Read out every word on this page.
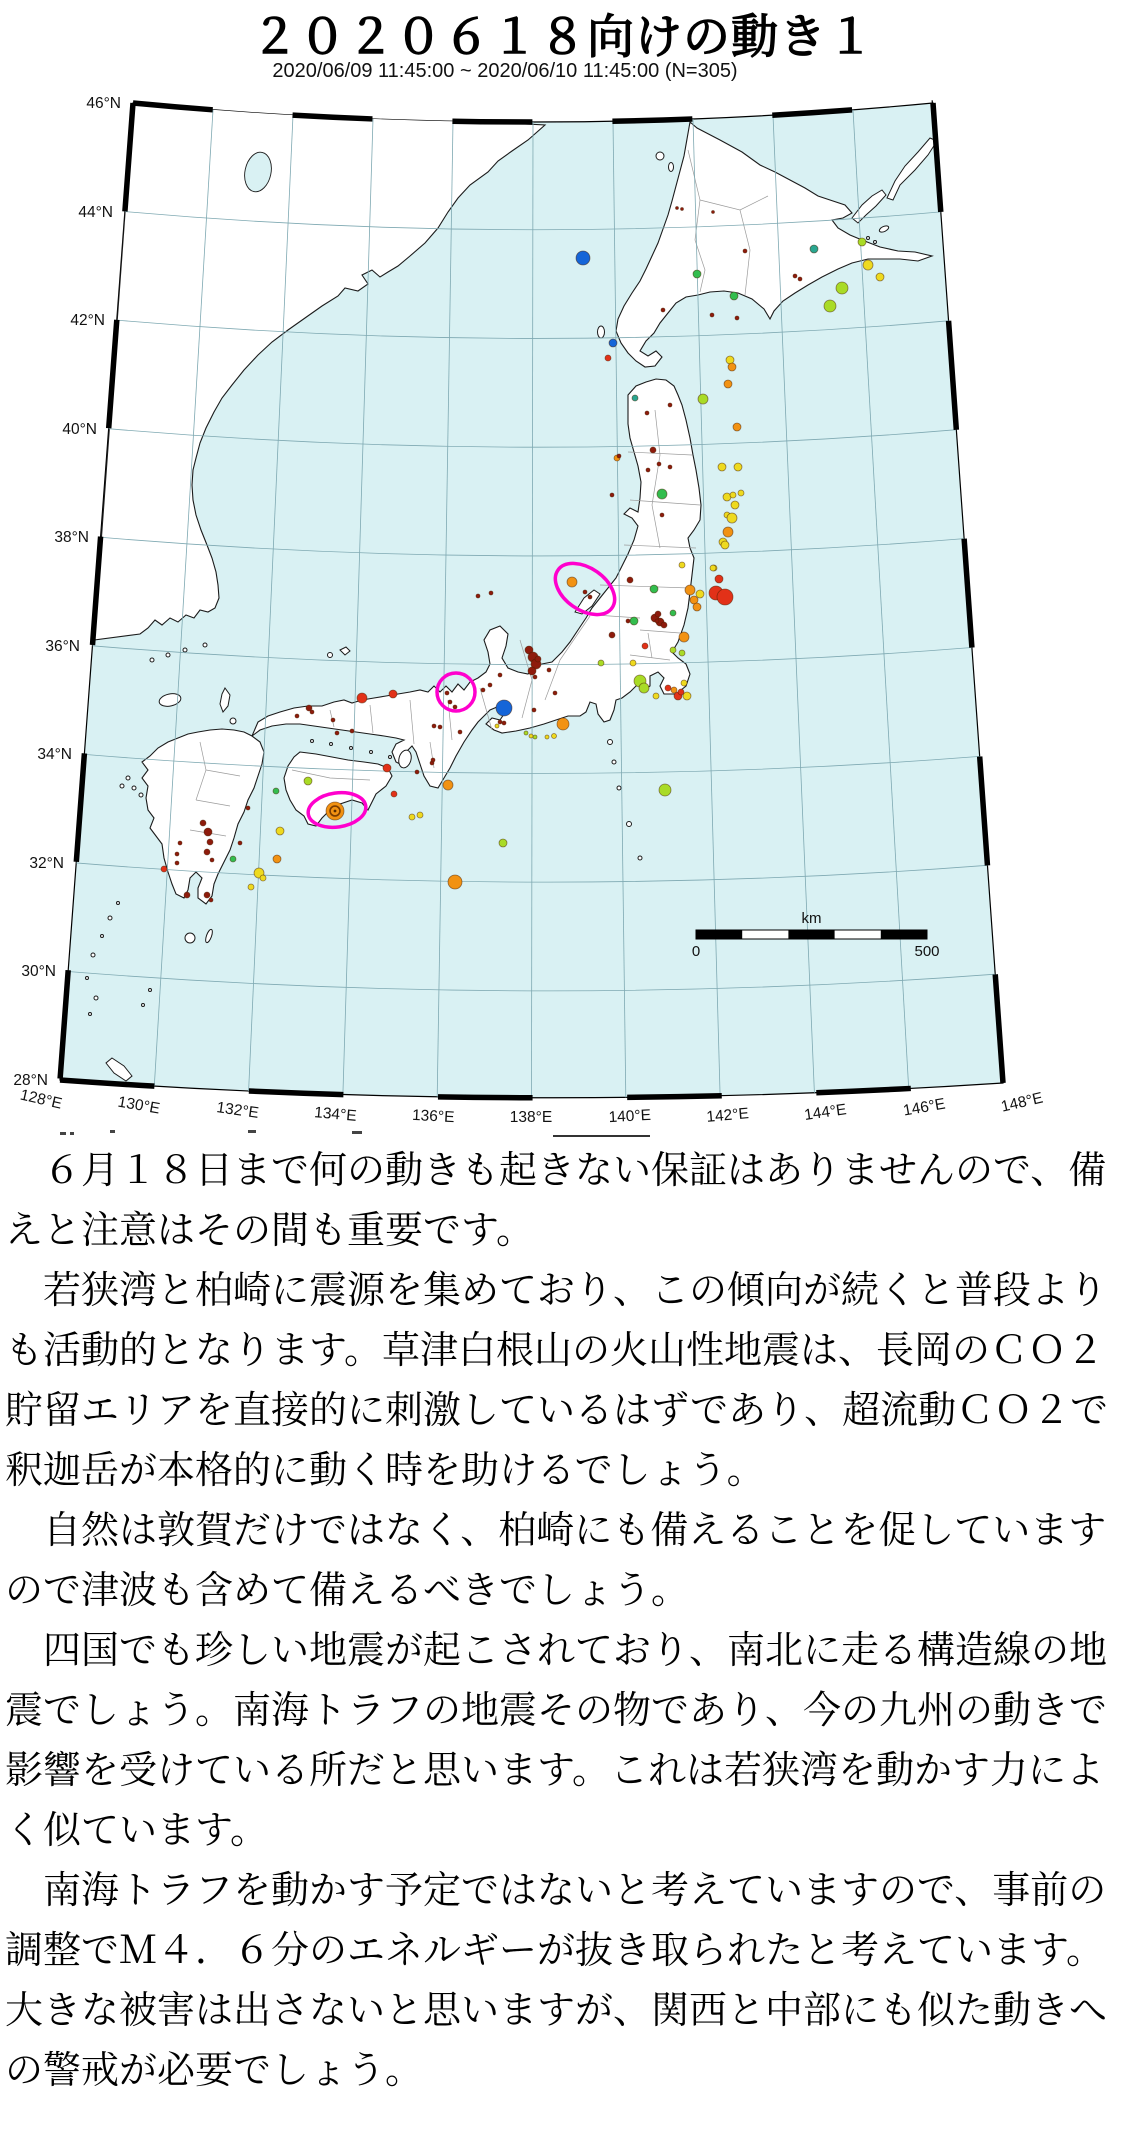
２０２０６１８向けの動き１
46°N
44°N
42°N
40°N
38°N
36°N
34°N
32°N
30°N
28°N
128°E	130°E	132°E	134°E	136°E	138°E	140°E	142°E	144°E	146°E	148°E
km
0	500
2020/06/09 11:45:00 ~ 2020/06/10 11:45:00 (N=305)

　６月１８日まで何の動きも起きない保証はありませんので、備えと注意はその間も重要です。

　若狭湾と柏崎に震源を集めており、この傾向が続くと普段よりも活動的となります。草津白根山の火山性地震は、長岡のＣＯ２貯留エリアを直接的に刺激しているはずであり、超流動ＣＯ２で釈迦岳が本格的に動く時を助けるでしょう。

　自然は敦賀だけではなく、柏崎にも備えることを促していますので津波も含めて備えるべきでしょう。

　四国でも珍しい地震が起こされており、南北に走る構造線の地震でしょう。南海トラフの地震その物であり、今の九州の動きで影響を受けている所だと思います。これは若狭湾を動かす力によく似ています。

　南海トラフを動かす予定ではないと考えていますので、事前の調整でＭ４．６分のエネルギーが抜き取られたと考えています。大きな被害は出さないと思いますが、関西と中部にも似た動きへの警戒が必要でしょう。
